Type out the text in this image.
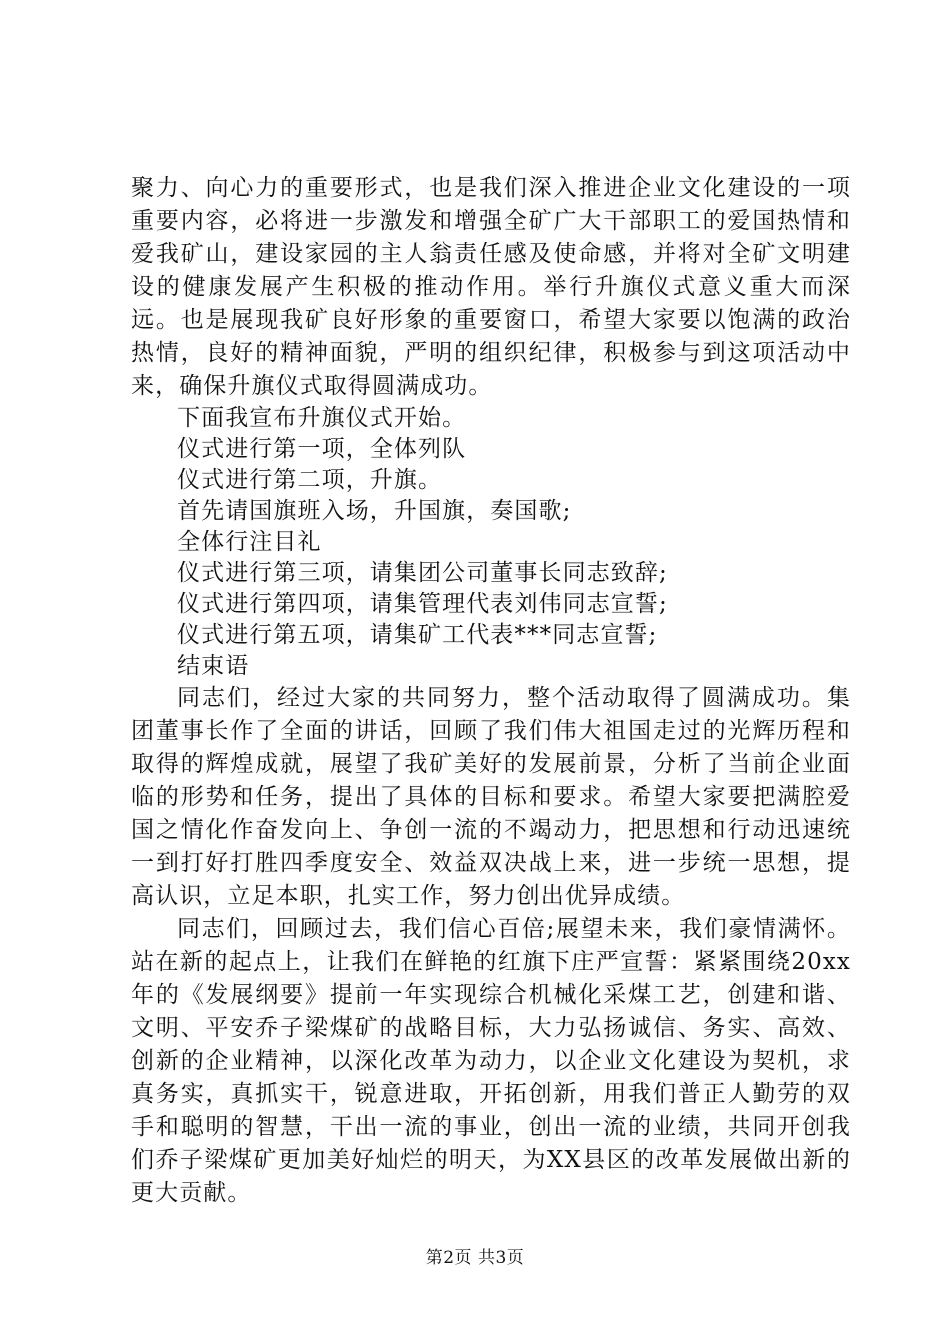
聚力、向心力的重要形式，也是我们深入推进企业文化建设的一项重要内容，必将进一步激发和增强全矿广大干部职工的爱国热情和爱我矿山，建设家园的主人翁责任感及使命感，并将对全矿文明建设的健康发展产生积极的推动作用。举行升旗仪式意义重大而深远。也是展现我矿良好形象的重要窗口，希望大家要以饱满的政治热情，良好的精神面貌，严明的组织纪律，积极参与到这项活动中来，确保升旗仪式取得圆满成功。

下面我宣布升旗仪式开始。

仪式进行第一项，全体列队

仪式进行第二项，升旗。

首先请国旗班入场，升国旗，奏国歌;

全体行注目礼

仪式进行第三项，请集团公司董事长同志致辞;

仪式进行第四项，请集管理代表刘伟同志宣誓;

仪式进行第五项，请集矿工代表***同志宣誓;

结束语

同志们，经过大家的共同努力，整个活动取得了圆满成功。集团董事长作了全面的讲话，回顾了我们伟大祖国走过的光辉历程和取得的辉煌成就，展望了我矿美好的发展前景，分析了当前企业面临的形势和任务，提出了具体的目标和要求。希望大家要把满腔爱国之情化作奋发向上、争创一流的不竭动力，把思想和行动迅速统一到打好打胜四季度安全、效益双决战上来，进一步统一思想，提高认识，立足本职，扎实工作，努力创出优异成绩。

同志们，回顾过去，我们信心百倍;展望未来，我们豪情满怀。站在新的起点上，让我们在鲜艳的红旗下庄严宣誓：紧紧围绕20xx年的《发展纲要》提前一年实现综合机械化采煤工艺，创建和谐、文明、平安乔子梁煤矿的战略目标，大力弘扬诚信、务实、高效、创新的企业精神，以深化改革为动力，以企业文化建设为契机，求真务实，真抓实干，锐意进取，开拓创新，用我们普正人勤劳的双手和聪明的智慧，干出一流的事业，创出一流的业绩，共同开创我们乔子梁煤矿更加美好灿烂的明天，为XX县区的改革发展做出新的更大贡献。

第2页 共3页
